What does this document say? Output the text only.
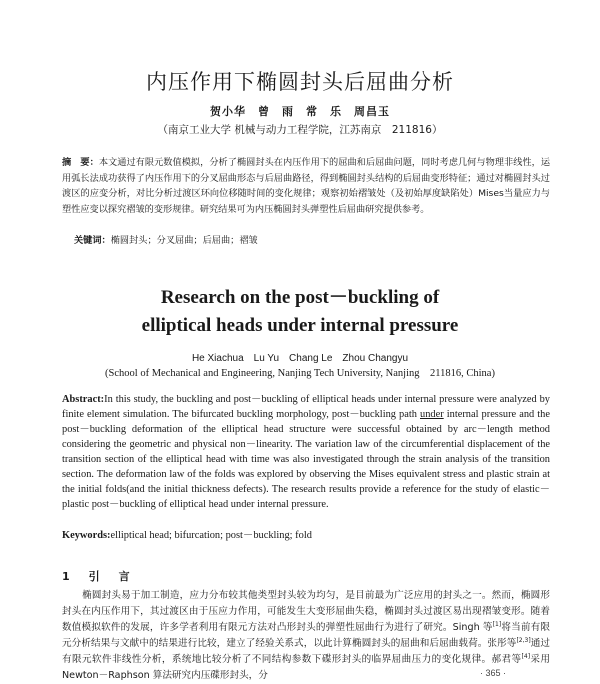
内压作用下椭圆封头后屈曲分析
贺小华　曾　雨　常　乐　周昌玉
（南京工业大学 机械与动力工程学院，江苏南京　211816）
摘　要：本文通过有限元数值模拟，分析了椭圆封头在内压作用下的屈曲和后屈曲问题，同时考虑几何与物理非线性，运用弧长法成功获得了内压作用下的分叉屈曲形态与后屈曲路径，得到椭圆封头结构的后屈曲变形特征；通过对椭圆封头过渡区的应变分析，对比分析过渡区环向位移随时间的变化规律；观察初始褶皱处（及初始厚度缺陷处）Mises当量应力与塑性应变以探究褶皱的变形规律。研究结果可为内压椭圆封头弹塑性后屈曲研究提供参考。
关键词：椭圆封头；分叉屈曲；后屈曲；褶皱
Research on the post－buckling of
elliptical heads under internal pressure
He Xiachua　Lu Yu　Chang Le　Zhou Changyu
(School of Mechanical and Engineering, Nanjing Tech University, Nanjing　211816, China)
Abstract:In this study, the buckling and post－buckling of elliptical heads under internal pressure were analyzed by finite element simulation. The bifurcated buckling morphology, post－buckling path under internal pressure and the post－buckling deformation of the elliptical head structure were successful obtained by arc－length method considering the geometric and physical non－linearity. The variation law of the circumferential displacement of the transition section of the elliptical head with time was also investigated through the strain analysis of the transition section. The deformation law of the folds was explored by observing the Mises equivalent stress and plastic strain at the initial folds(and the initial thickness defects). The research results provide a reference for the study of elastic－plastic post－buckling of elliptical head under internal pressure.
Keywords:elliptical head; bifurcation; post－buckling; fold
1　引　言
椭圆封头易于加工制造，应力分布较其他类型封头较为均匀，是目前最为广泛应用的封头之一。然而，椭圆形封头在内压作用下，其过渡区由于压应力作用，可能发生大变形屈曲失稳，椭圆封头过渡区易出现褶皱变形。随着数值模拟软件的发展，许多学者利用有限元方法对凸形封头的弹塑性屈曲行为进行了研究。Singh 等[1]将当前有限元分析结果与文献中的结果进行比较，建立了经验关系式，以此计算椭圆封头的屈曲和后屈曲载荷。张彤等[2,3]通过有限元软件非线性分析，系统地比较分析了不同结构参数下碟形封头的临界屈曲压力的变化规律。郝君等[4]采用 Newton－Raphson 算法研究内压碟形封头，分	· 365 ·
